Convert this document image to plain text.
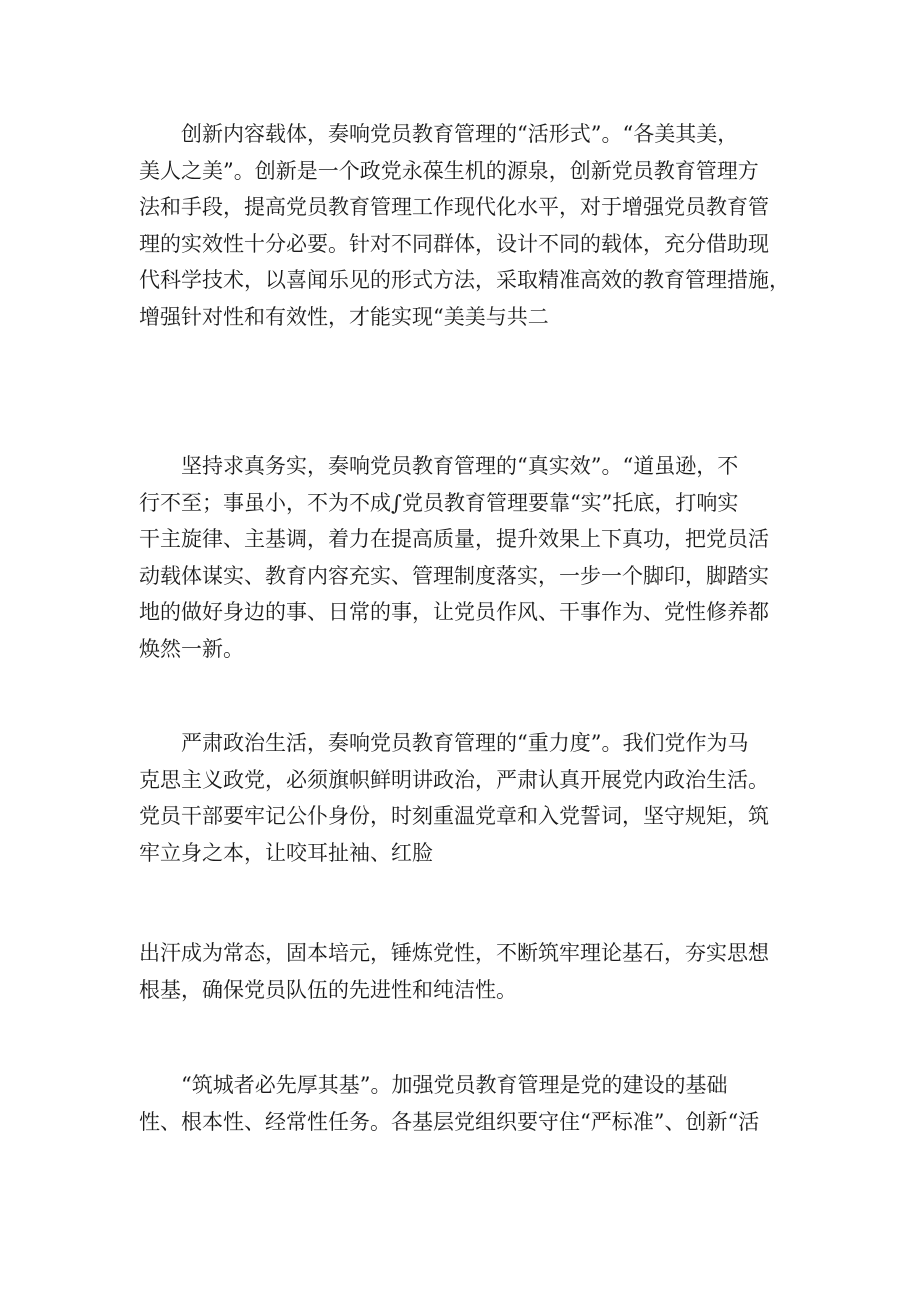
　　创新内容载体，奏响党员教育管理的“活形式”。“各美其美，
美人之美”。创新是一个政党永葆生机的源泉，创新党员教育管理方
法和手段，提高党员教育管理工作现代化水平，对于增强党员教育管
理的实效性十分必要。针对不同群体，设计不同的载体，充分借助现
代科学技术，以喜闻乐见的形式方法，采取精准高效的教育管理措施，
增强针对性和有效性，才能实现“美美与共二
　　坚持求真务实，奏响党员教育管理的“真实效”。“道虽逊，不
行不至；事虽小，不为不成∫党员教育管理要靠“实”托底，打响实
干主旋律、主基调，着力在提高质量，提升效果上下真功，把党员活
动载体谋实、教育内容充实、管理制度落实，一步一个脚印，脚踏实
地的做好身边的事、日常的事，让党员作风、干事作为、党性修养都
焕然一新。
　　严肃政治生活，奏响党员教育管理的“重力度”。我们党作为马
克思主义政党，必须旗帜鲜明讲政治，严肃认真开展党内政治生活。
党员干部要牢记公仆身份，时刻重温党章和入党誓词，坚守规矩，筑
牢立身之本，让咬耳扯袖、红脸
出汗成为常态，固本培元，锤炼党性，不断筑牢理论基石，夯实思想
根基，确保党员队伍的先进性和纯洁性。
　　“筑城者必先厚其基”。加强党员教育管理是党的建设的基础
性、根本性、经常性任务。各基层党组织要守住“严标准”、创新“活
